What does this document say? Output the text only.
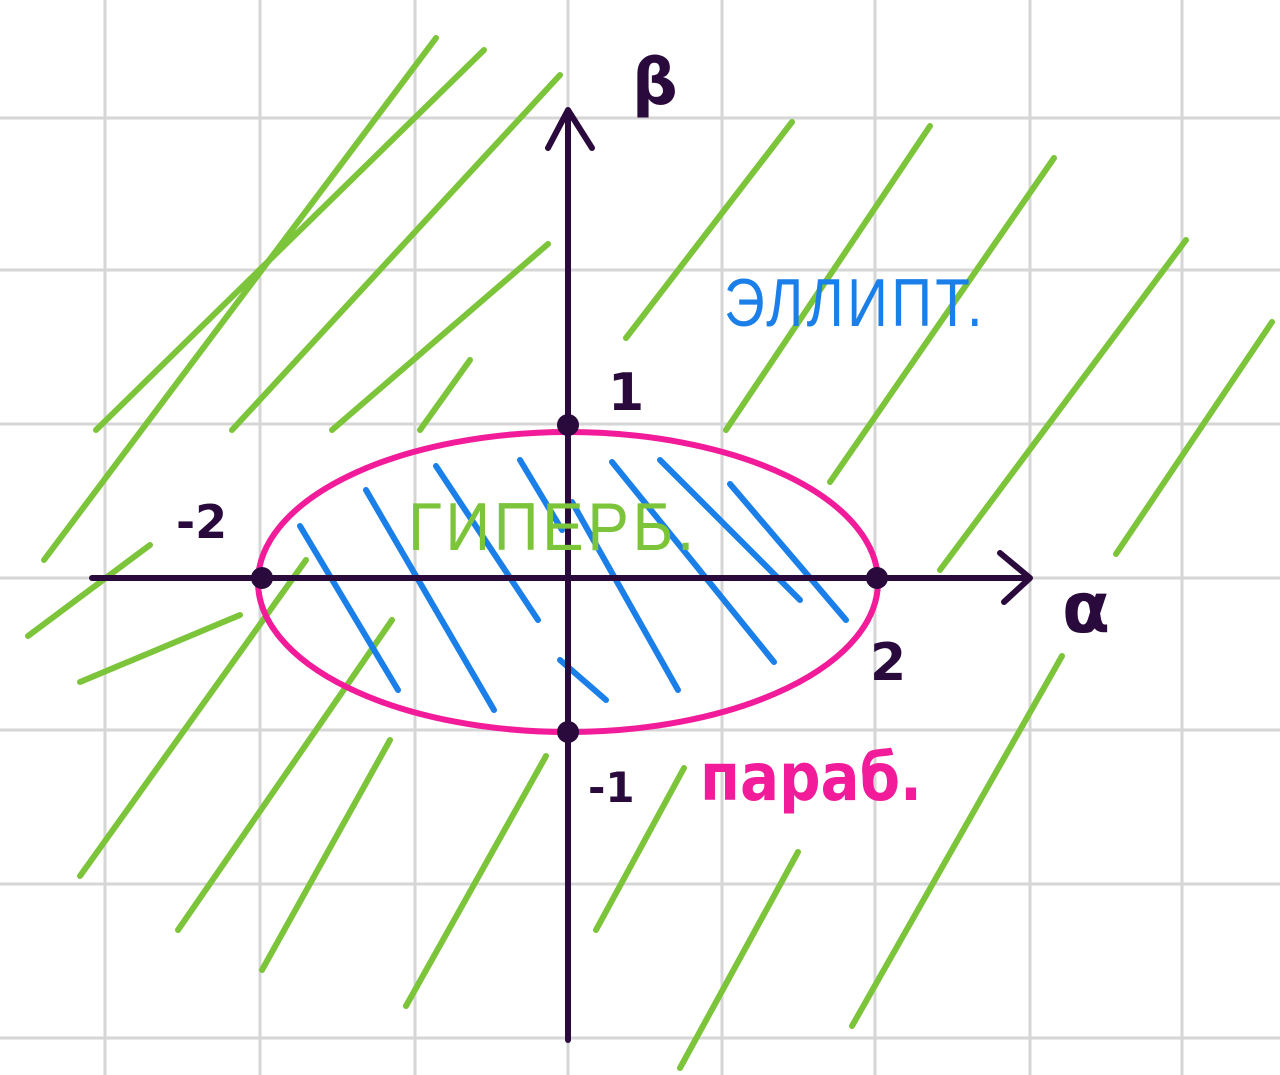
β
α
-2
2
1
-1
ЭЛЛИПТ.
ГИПЕРБ.
параб.
